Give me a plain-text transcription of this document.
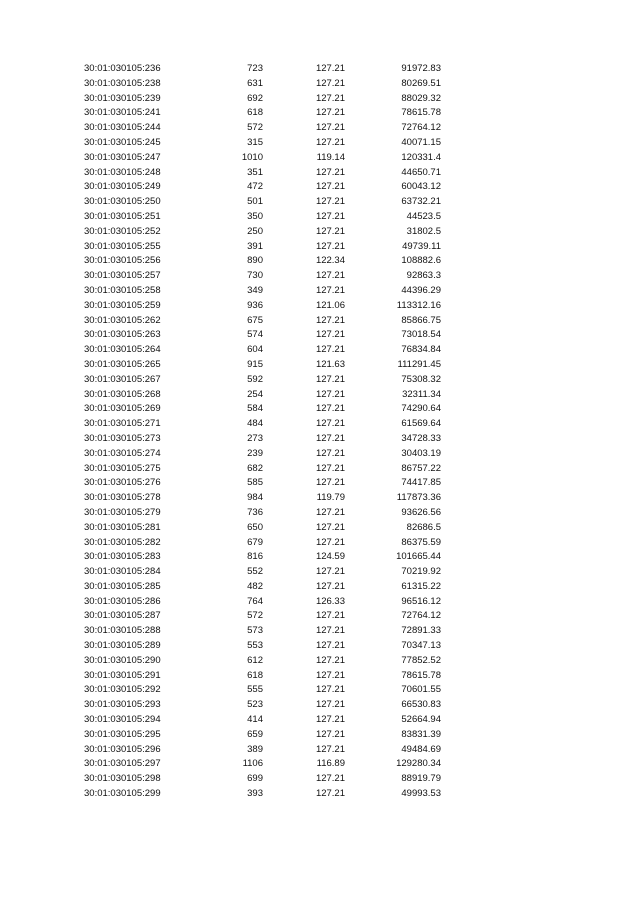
30:01:030105:236	723	127.21	91972.83
30:01:030105:238	631	127.21	80269.51
30:01:030105:239	692	127.21	88029.32
30:01:030105:241	618	127.21	78615.78
30:01:030105:244	572	127.21	72764.12
30:01:030105:245	315	127.21	40071.15
30:01:030105:247	1010	119.14	120331.4
30:01:030105:248	351	127.21	44650.71
30:01:030105:249	472	127.21	60043.12
30:01:030105:250	501	127.21	63732.21
30:01:030105:251	350	127.21	44523.5
30:01:030105:252	250	127.21	31802.5
30:01:030105:255	391	127.21	49739.11
30:01:030105:256	890	122.34	108882.6
30:01:030105:257	730	127.21	92863.3
30:01:030105:258	349	127.21	44396.29
30:01:030105:259	936	121.06	113312.16
30:01:030105:262	675	127.21	85866.75
30:01:030105:263	574	127.21	73018.54
30:01:030105:264	604	127.21	76834.84
30:01:030105:265	915	121.63	111291.45
30:01:030105:267	592	127.21	75308.32
30:01:030105:268	254	127.21	32311.34
30:01:030105:269	584	127.21	74290.64
30:01:030105:271	484	127.21	61569.64
30:01:030105:273	273	127.21	34728.33
30:01:030105:274	239	127.21	30403.19
30:01:030105:275	682	127.21	86757.22
30:01:030105:276	585	127.21	74417.85
30:01:030105:278	984	119.79	117873.36
30:01:030105:279	736	127.21	93626.56
30:01:030105:281	650	127.21	82686.5
30:01:030105:282	679	127.21	86375.59
30:01:030105:283	816	124.59	101665.44
30:01:030105:284	552	127.21	70219.92
30:01:030105:285	482	127.21	61315.22
30:01:030105:286	764	126.33	96516.12
30:01:030105:287	572	127.21	72764.12
30:01:030105:288	573	127.21	72891.33
30:01:030105:289	553	127.21	70347.13
30:01:030105:290	612	127.21	77852.52
30:01:030105:291	618	127.21	78615.78
30:01:030105:292	555	127.21	70601.55
30:01:030105:293	523	127.21	66530.83
30:01:030105:294	414	127.21	52664.94
30:01:030105:295	659	127.21	83831.39
30:01:030105:296	389	127.21	49484.69
30:01:030105:297	1106	116.89	129280.34
30:01:030105:298	699	127.21	88919.79
30:01:030105:299	393	127.21	49993.53
